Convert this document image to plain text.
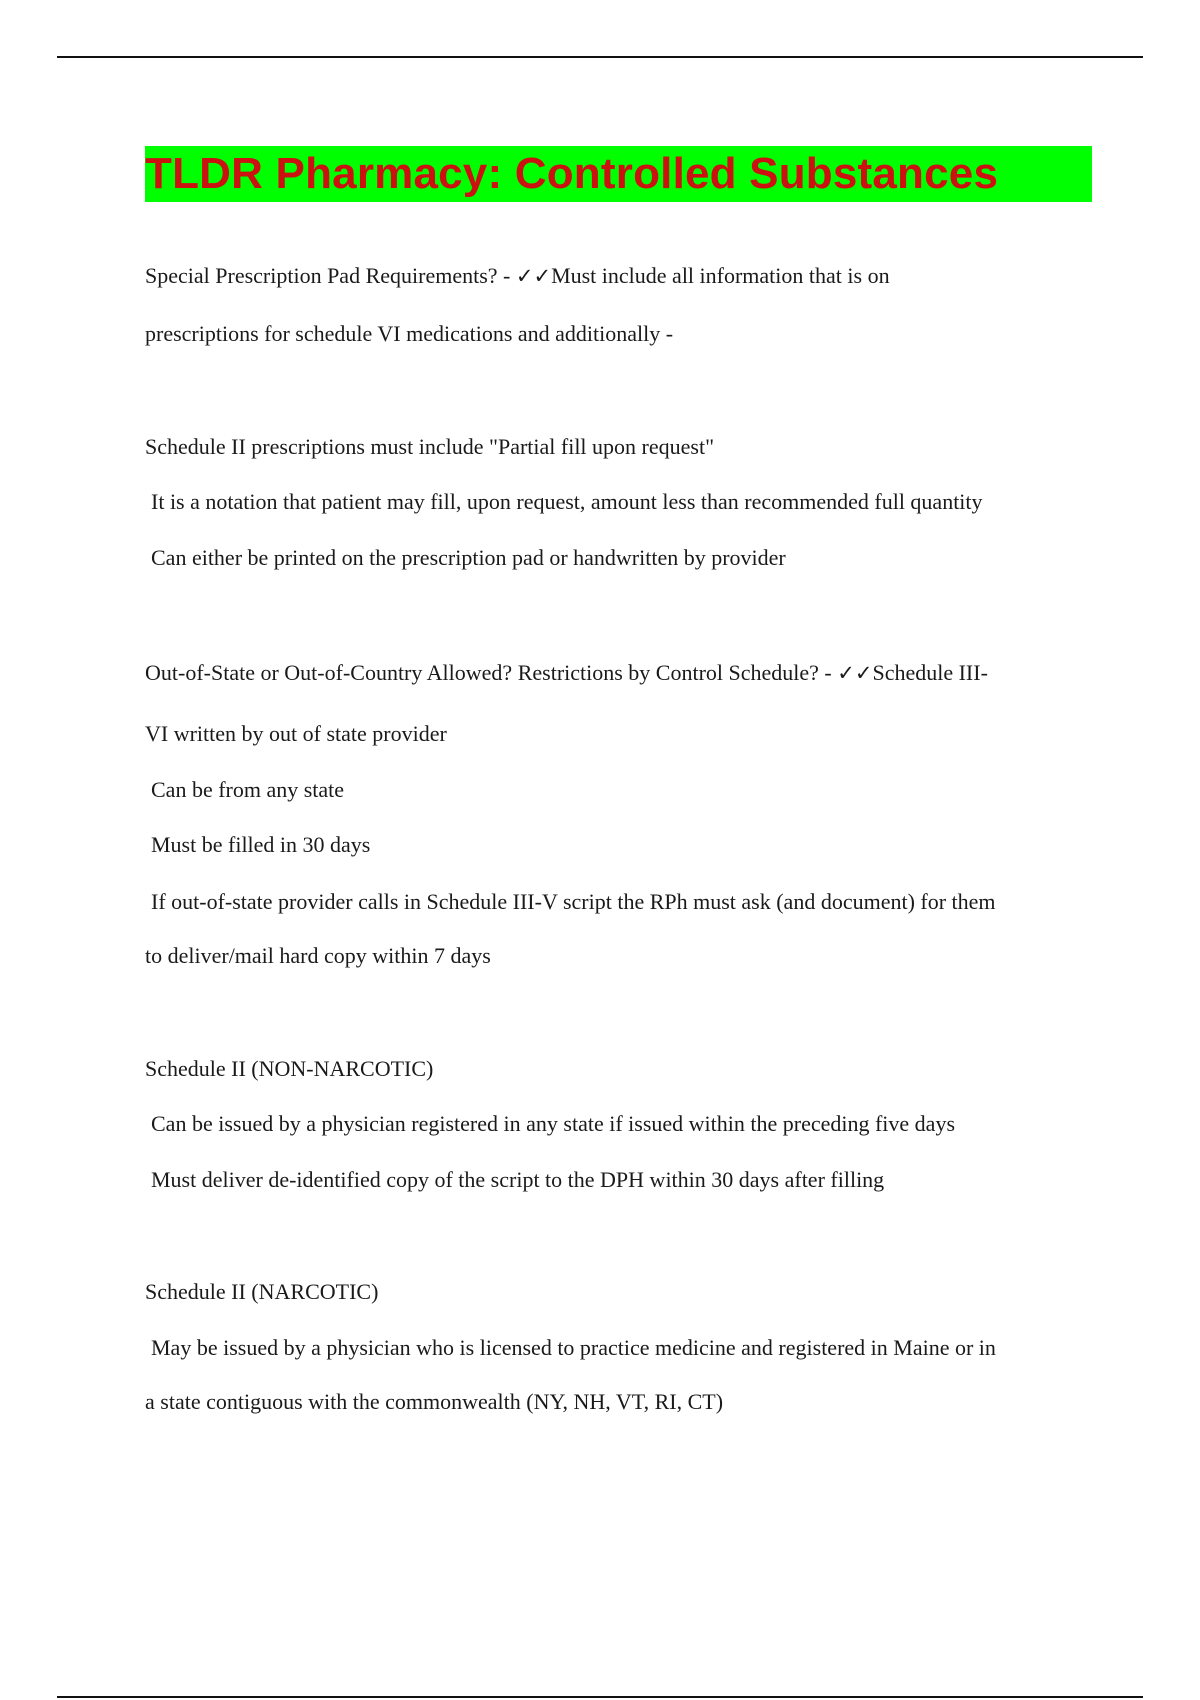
TLDR Pharmacy: Controlled Substances
Special Prescription Pad Requirements? - ✓✓Must include all information that is on
prescriptions for schedule VI medications and additionally -
Schedule II prescriptions must include "Partial fill upon request"
It is a notation that patient may fill, upon request, amount less than recommended full quantity
Can either be printed on the prescription pad or handwritten by provider
Out-of-State or Out-of-Country Allowed? Restrictions by Control Schedule? - ✓✓Schedule III-
VI written by out of state provider
Can be from any state
Must be filled in 30 days
If out-of-state provider calls in Schedule III-V script the RPh must ask (and document) for them
to deliver/mail hard copy within 7 days
Schedule II (NON-NARCOTIC)
Can be issued by a physician registered in any state if issued within the preceding five days
Must deliver de-identified copy of the script to the DPH within 30 days after filling
Schedule II (NARCOTIC)
May be issued by a physician who is licensed to practice medicine and registered in Maine or in
a state contiguous with the commonwealth (NY, NH, VT, RI, CT)
